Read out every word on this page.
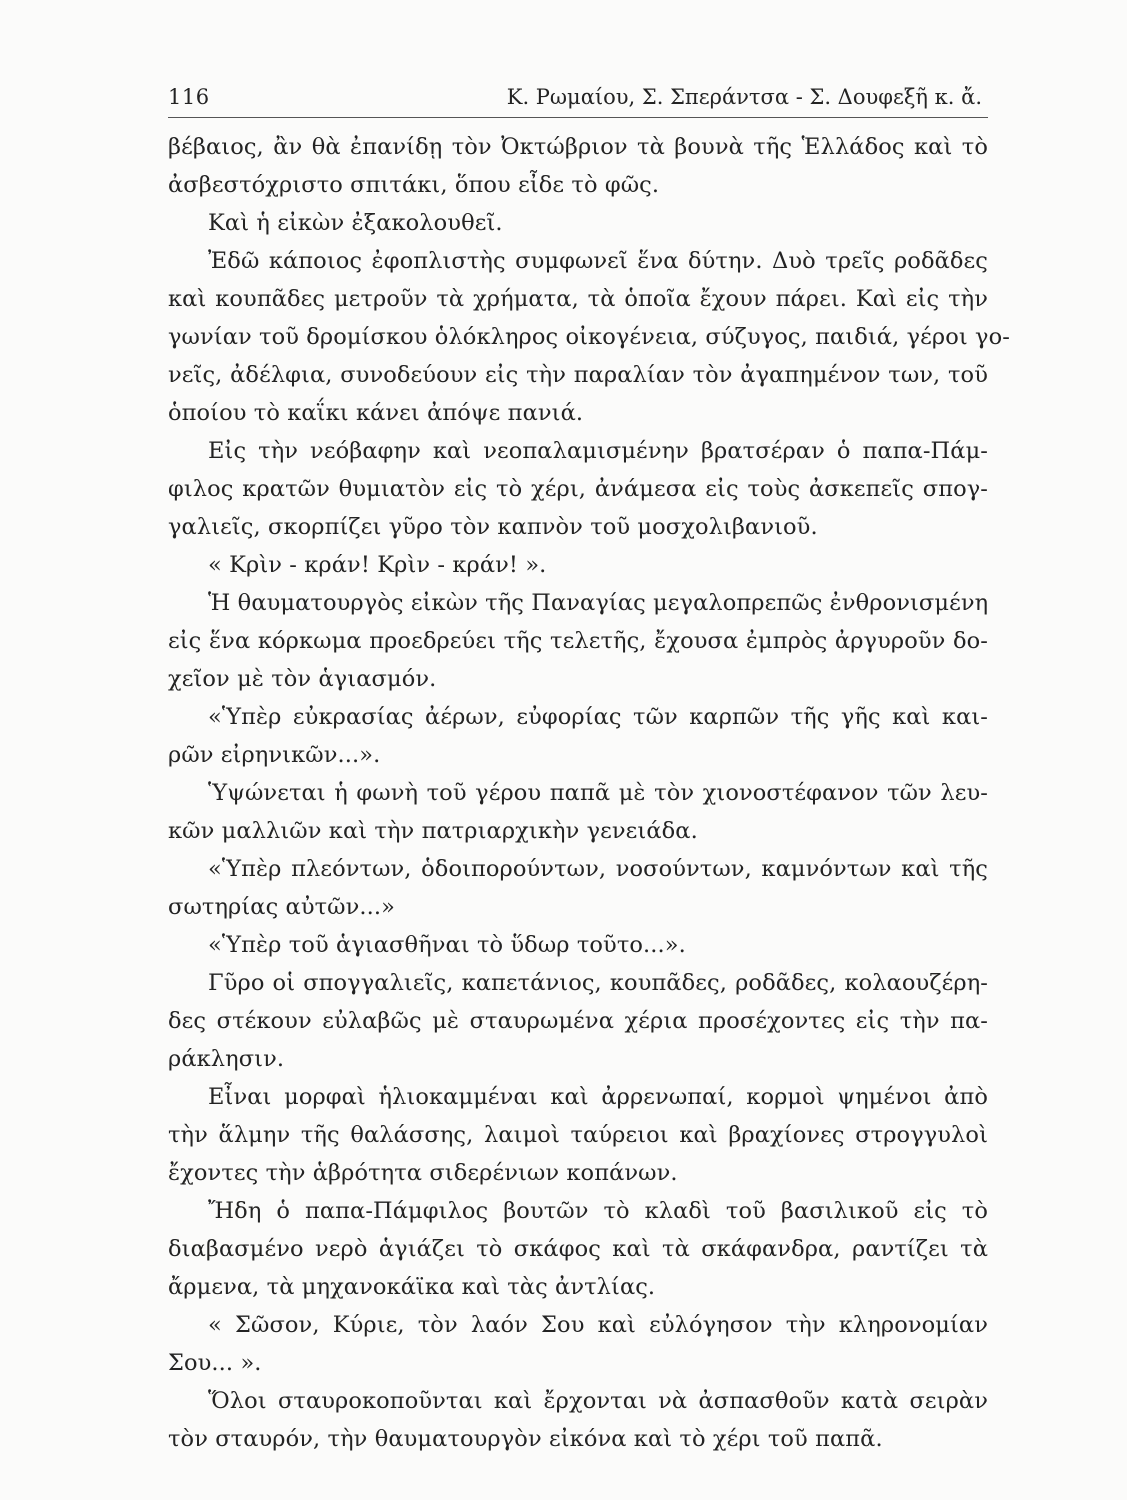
116	Κ. Ρωμαίου, Σ. Σπεράντσα - Σ. Δουφεξῆ κ. ἄ.
βέβαιος, ἂν θὰ ἐπανίδῃ τὸν Ὀκτώβριον τὰ βουνὰ τῆς Ἑλλάδος καὶ τὸ
ἀσβεστόχριστο σπιτάκι, ὅπου εἶδε τὸ φῶς.
Καὶ ἡ εἰκὼν ἐξακολουθεῖ.
Ἐδῶ κάποιος ἐφοπλιστὴς συμφωνεῖ ἕνα δύτην. Δυὸ τρεῖς ροδᾶδες
καὶ κουπᾶδες μετροῦν τὰ χρήματα, τὰ ὁποῖα ἔχουν πάρει. Καὶ εἰς τὴν
γωνίαν τοῦ δρομίσκου ὁλόκληρος οἰκογένεια, σύζυγος, παιδιά, γέροι γο-
νεῖς, ἀδέλφια, συνοδεύουν εἰς τὴν παραλίαν τὸν ἀγαπημένον των, τοῦ
ὁποίου τὸ καΐκι κάνει ἀπόψε πανιά.
Εἰς τὴν νεόβαφην καὶ νεοπαλαμισμένην βρατσέραν ὁ παπα-Πάμ-
φιλος κρατῶν θυμιατὸν εἰς τὸ χέρι, ἀνάμεσα εἰς τοὺς ἀσκεπεῖς σπογ-
γαλιεῖς, σκορπίζει γῦρο τὸν καπνὸν τοῦ μοσχολιβανιοῦ.
« Κρὶν - κράν! Κρὶν - κράν! ».
Ἡ θαυματουργὸς εἰκὼν τῆς Παναγίας μεγαλοπρεπῶς ἐνθρονισμένη
εἰς ἕνα κόρκωμα προεδρεύει τῆς τελετῆς, ἔχουσα ἐμπρὸς ἀργυροῦν δο-
χεῖον μὲ τὸν ἁγιασμόν.
«Ὑπὲρ εὐκρασίας ἀέρων, εὐφορίας τῶν καρπῶν τῆς γῆς καὶ και-
ρῶν εἰρηνικῶν...».
Ὑψώνεται ἡ φωνὴ τοῦ γέρου παπᾶ μὲ τὸν χιονοστέφανον τῶν λευ-
κῶν μαλλιῶν καὶ τὴν πατριαρχικὴν γενειάδα.
«Ὑπὲρ πλεόντων, ὁδοιπορούντων, νοσούντων, καμνόντων καὶ τῆς
σωτηρίας αὐτῶν...»
«Ὑπὲρ τοῦ ἁγιασθῆναι τὸ ὕδωρ τοῦτο...».
Γῦρο οἱ σπογγαλιεῖς, καπετάνιος, κουπᾶδες, ροδᾶδες, κολαουζέρη-
δες στέκουν εὐλαβῶς μὲ σταυρωμένα χέρια προσέχοντες εἰς τὴν πα-
ράκλησιν.
Εἶναι μορφαὶ ἡλιοκαμμέναι καὶ ἀρρενωπαί, κορμοὶ ψημένοι ἀπὸ
τὴν ἅλμην τῆς θαλάσσης, λαιμοὶ ταύρειοι καὶ βραχίονες στρογγυλοὶ
ἔχοντες τὴν ἁβρότητα σιδερένιων κοπάνων.
Ἤδη ὁ παπα-Πάμφιλος βουτῶν τὸ κλαδὶ τοῦ βασιλικοῦ εἰς τὸ
διαβασμένο νερὸ ἁγιάζει τὸ σκάφος καὶ τὰ σκάφανδρα, ραντίζει τὰ
ἄρμενα, τὰ μηχανοκάϊκα καὶ τὰς ἀντλίας.
« Σῶσον, Κύριε, τὸν λαόν Σου καὶ εὐλόγησον τὴν κληρονομίαν
Σου... ».
Ὅλοι σταυροκοποῦνται καὶ ἔρχονται νὰ ἀσπασθοῦν κατὰ σειρὰν
τὸν σταυρόν, τὴν θαυματουργὸν εἰκόνα καὶ τὸ χέρι τοῦ παπᾶ.
